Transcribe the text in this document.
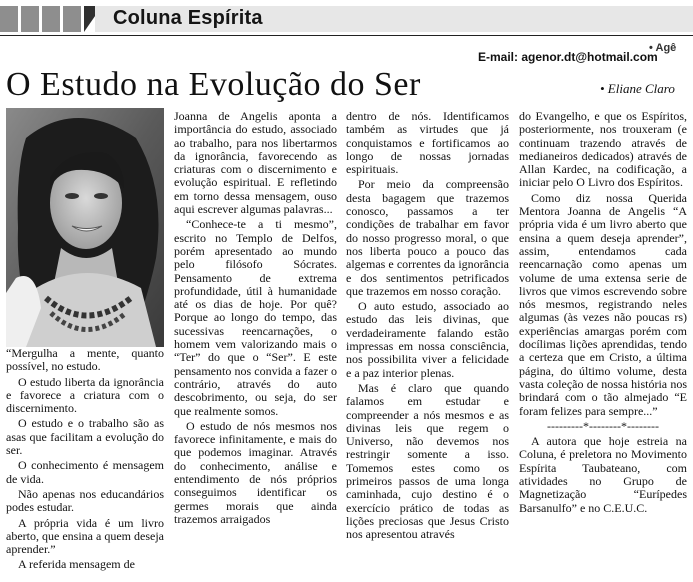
Coluna Espírita
E-mail: agenor.dt@hotmail.com
• Agê
O Estudo na Evolução do Ser	• Eliane Claro

“Mergulha a mente, quanto possível, no estudo.

O estudo liberta da ignorância e favorece a criatura com o discernimento.

O estudo e o trabalho são as asas que facilitam a evolução do ser.

O conhecimento é mensagem de vida.

Não apenas nos educandários podes estudar.

A própria vida é um livro aberto, que ensina a quem deseja aprender.”

A referida mensagem de

Joanna de Angelis aponta a importância do estudo, associado ao trabalho, para nos libertarmos da ignorância, favorecendo as criaturas com o discernimento e evolução espiritual. E refletindo em torno dessa mensagem, ouso aqui escrever algumas palavras...

“Conhece-te a ti mesmo”, escrito no Templo de Delfos, porém apresentado ao mundo pelo filósofo Sócrates. Pensamento de extrema profundidade, útil à humanidade até os dias de hoje. Por quê? Porque ao longo do tempo, das sucessivas reencarnações, o homem vem valorizando mais o “Ter” do que o “Ser”. E este pensamento nos convida a fazer o contrário, através do auto descobrimento, ou seja, do ser que realmente somos.

O estudo de nós mesmos nos favorece infinitamente, e mais do que podemos imaginar. Através do conhecimento, análise e entendimento de nós próprios conseguimos identificar os germes morais que ainda trazemos arraigados

dentro de nós. Identificamos também as virtudes que já conquistamos e fortificamos ao longo de nossas jornadas espirituais.

Por meio da compreensão desta bagagem que trazemos conosco, passamos a ter condições de trabalhar em favor do nosso progresso moral, o que nos liberta pouco a pouco das algemas e correntes da ignorância e dos sentimentos petrificados que trazemos em nosso coração.

O auto estudo, associado ao estudo das leis divinas, que verdadeiramente falando estão impressas em nossa consciência, nos possibilita viver a felicidade e a paz interior plenas.

Mas é claro que quando falamos em estudar e compreender a nós mesmos e as divinas leis que regem o Universo, não devemos nos restringir somente a isso. Tomemos estes como os primeiros passos de uma longa caminhada, cujo destino é o exercício prático de todas as lições preciosas que Jesus Cristo nos apresentou através

do Evangelho, e que os Espíritos, posteriormente, nos trouxeram (e continuam trazendo através de medianeiros dedicados) através de Allan Kardec, na codificação, a iniciar pelo O Livro dos Espíritos.

Como diz nossa Querida Mentora Joanna de Angelis “A própria vida é um livro aberto que ensina a quem deseja aprender”, assim, entendamos cada reencarnação como apenas um volume de uma extensa serie de livros que vimos escrevendo sobre nós mesmos, registrando neles algumas (às vezes não poucas rs) experiências amargas porém com docílimas lições aprendidas, tendo a certeza que em Cristo, a última página, do último volume, desta vasta coleção de nossa história nos brindará com o tão almejado “E foram felizes para sempre...”

---------*--------*--------

A autora que hoje estreia na Coluna, é preletora no Movimento Espírita Taubateano, com atividades no Grupo de Magnetização “Eurípedes Barsanulfo” e no C.E.U.C.
